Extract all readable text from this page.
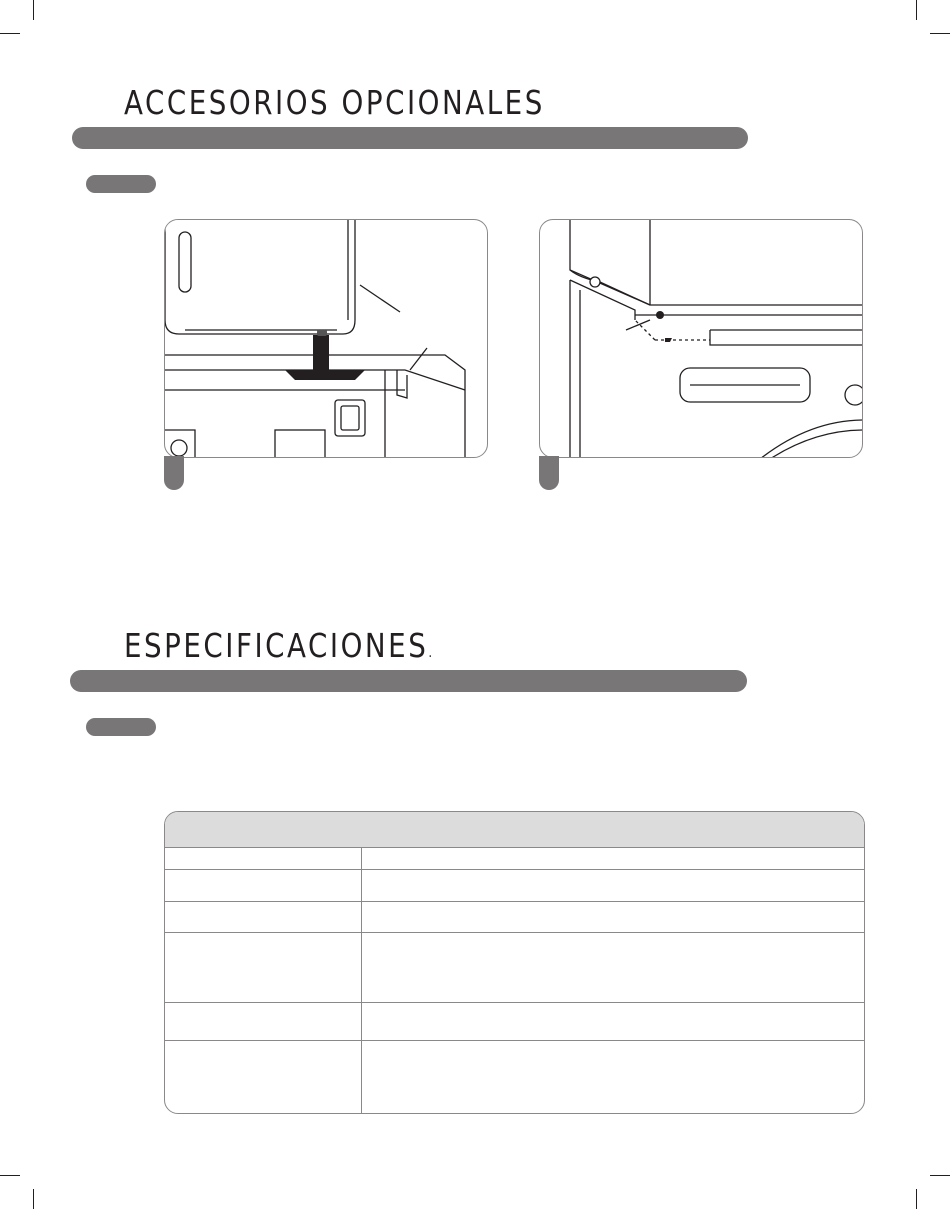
ACCESORIOS OPCIONALES
ESPECIFICACIONES.
